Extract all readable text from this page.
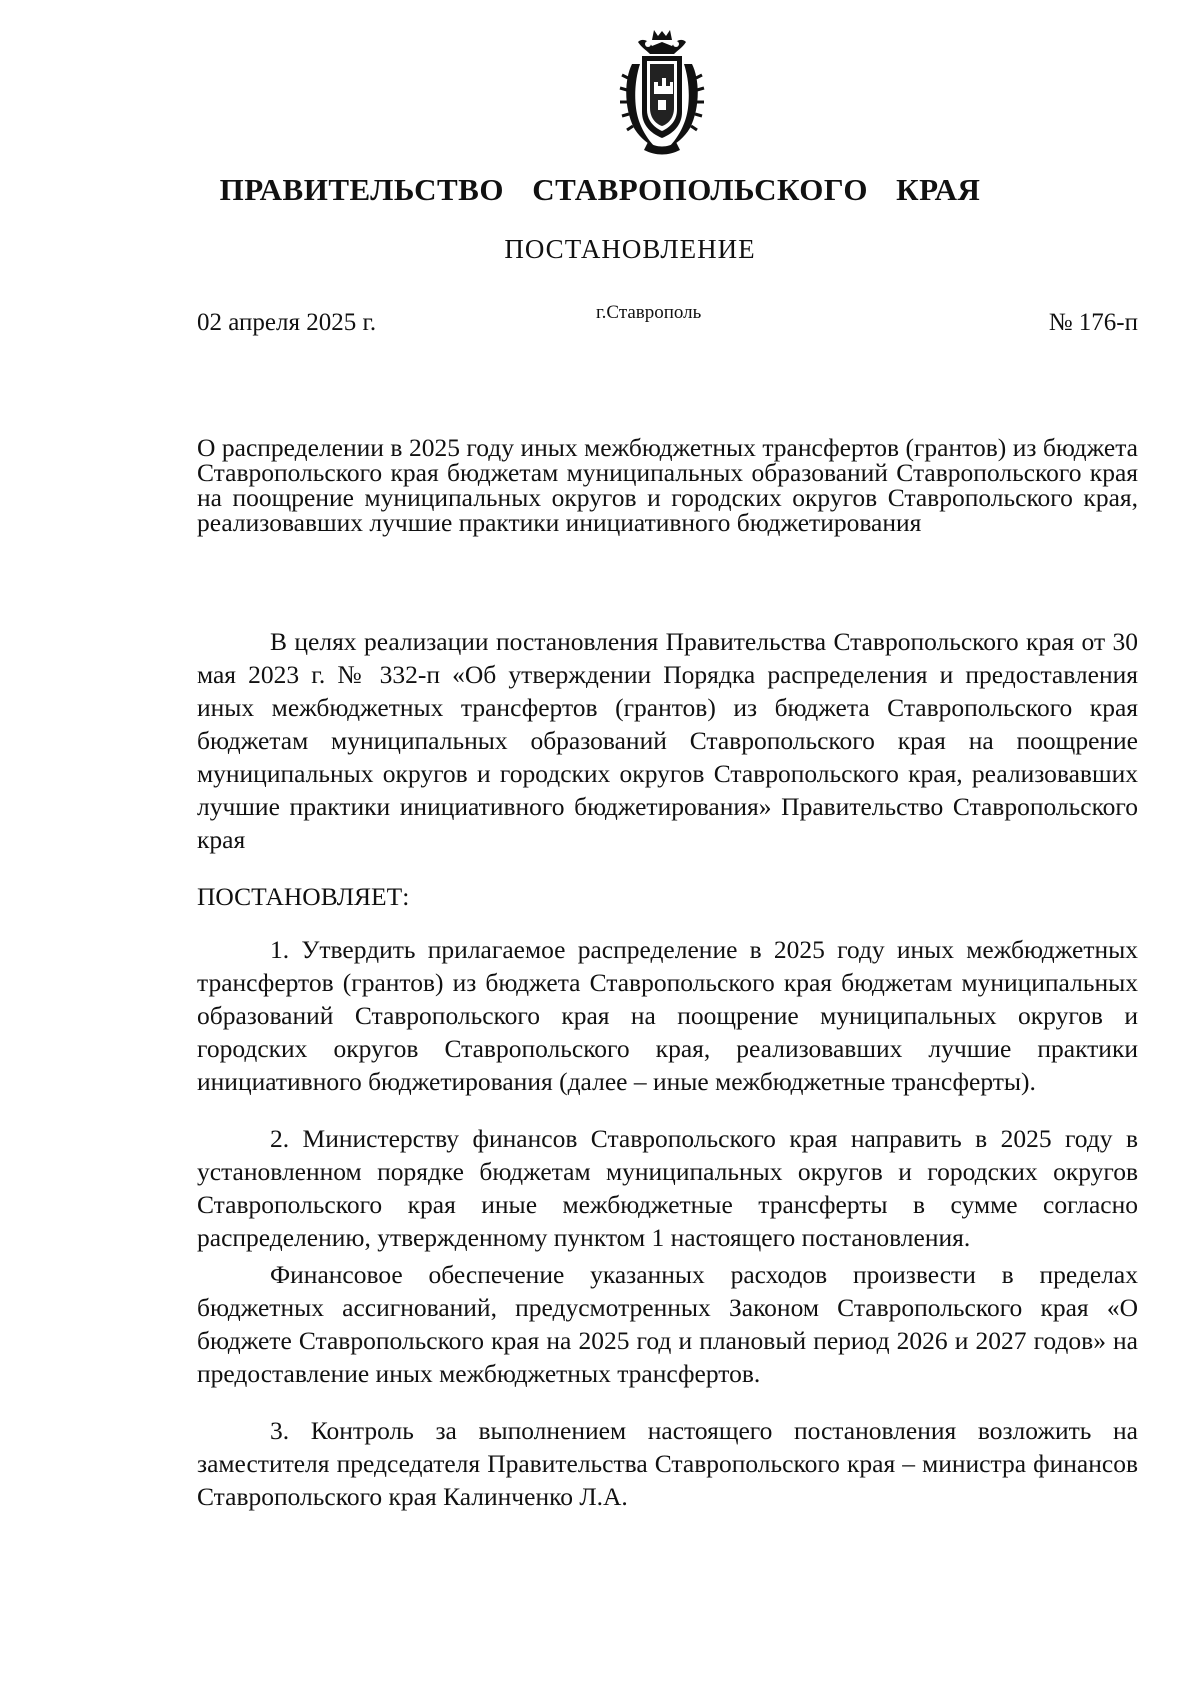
ПРАВИТЕЛЬСТВО СТАВРОПОЛЬСКОГО КРАЯ
ПОСТАНОВЛЕНИЕ
02 апреля 2025 г.	г.Ставрополь	№ 176-п

О распределении в 2025 году иных межбюджетных трансфертов (грантов) из бюджета Ставропольского края бюджетам муниципальных образований Ставропольского края на поощрение муниципальных округов и городских округов Ставропольского края, реализовавших лучшие практики инициативного бюджетирования

В целях реализации постановления Правительства Ставропольского края от 30 мая 2023 г. № 332-п «Об утверждении Порядка распределения и предоставления иных межбюджетных трансфертов (грантов) из бюджета Ставропольского края бюджетам муниципальных образований Ставропольского края на поощрение муниципальных округов и городских округов Ставропольского края, реализовавших лучшие практики инициативного бюджетирования» Правительство Ставропольского края

ПОСТАНОВЛЯЕТ:

1. Утвердить прилагаемое распределение в 2025 году иных межбюджетных трансфертов (грантов) из бюджета Ставропольского края бюджетам муниципальных образований Ставропольского края на поощрение муниципальных округов и городских округов Ставропольского края, реализовавших лучшие практики инициативного бюджетирования (далее – иные межбюджетные трансферты).

2. Министерству финансов Ставропольского края направить в 2025 году в установленном порядке бюджетам муниципальных округов и городских округов Ставропольского края иные межбюджетные трансферты в сумме согласно распределению, утвержденному пунктом 1 настоящего постановления.

Финансовое обеспечение указанных расходов произвести в пределах бюджетных ассигнований, предусмотренных Законом Ставропольского края «О бюджете Ставропольского края на 2025 год и плановый период 2026 и 2027 годов» на предоставление иных межбюджетных трансфертов.

3. Контроль за выполнением настоящего постановления возложить на заместителя председателя Правительства Ставропольского края – министра финансов Ставропольского края Калинченко Л.А.
